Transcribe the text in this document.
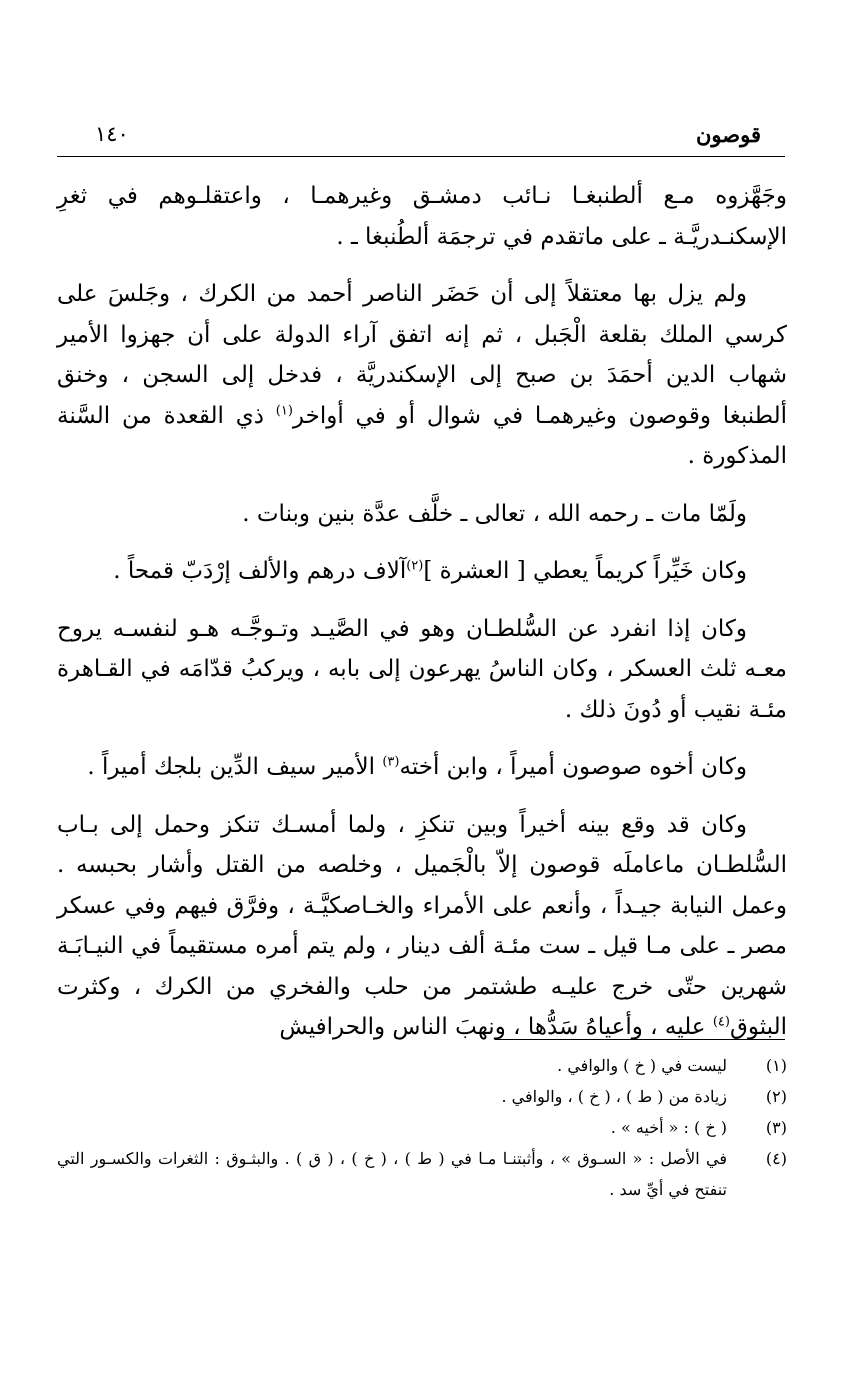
قوصون
١٤٠

وجَهَّزوه مـع ألطنبغـا نـائب دمشـق وغيرهمـا ، واعتقلـوهم في ثغرِ الإسكنـدريَّـة ـ على ماتقدم في ترجمَة ألطُنبغا ـ .

ولم يزل بها معتقلاً إلى أن حَضَر الناصر أحمد من الكرك ، وجَلسَ على كرسي الملك بقلعة الْجَبل ، ثم إنه اتفق آراء الدولة على أن جهزوا الأمير شهاب الدين أحمَدَ بن صبح إلى الإسكندريَّة ، فدخل إلى السجن ، وخنق ألطنبغا وقوصون وغيرهمـا في شوال أو في أواخر$^{(١)}$ ذي القعدة من السَّنة المذكورة .

ولَمّا مات ـ رحمه الله ، تعالى ـ خلَّف عدَّة بنين وبنات .

وكان خَيِّراً كريماً يعطي [ العشرة ]$^{(٢)}$آلاف درهم والألف إرْدَبّ قمحاً .

وكان إذا انفرد عن السُّلطـان وهو في الصَّيـد وتـوجَّـه هـو لنفسـه يروح معـه ثلث العسكر ، وكان الناسُ يهرعون إلى بابه ، ويركبُ قدّامَه في القـاهرة مئـة نقيب أو دُونَ ذلك .

وكان أخوه صوصون أميراً ، وابن أخته$^{(٣)}$ الأمير سيف الدِّين بلجك أميراً .

وكان قد وقع بينه أخيراً وبين تنكزِ ، ولما أمسـك تنكز وحمل إلى بـاب السُّلطـان ماعاملَه قوصون إلاّ بالْجَميل ، وخلصه من القتل وأشار بحبسه . وعمل النيابة جيـداً ، وأنعم على الأمراء والخـاصكيَّـة ، وفرَّق فيهم وفي عسكر مصر ـ على مـا قيل ـ ست مئـة ألف دينار ، ولم يتم أمره مستقيماً في النيـابَـة شهرين حتّى خرج عليـه طشتمر من حلب والفخري من الكرك ، وكثرت البثوق$^{(٤)}$ عليه ، وأعياهُ سَدُّها ، ونهبَ الناس والحرافيش

(١)
ليست في ( خ ) والوافي .
(٢)
زيادة من ( ط ) ، ( خ ) ، والوافي .
(٣)
( خ ) : « أخيه » .
(٤)
في الأصل : « السـوق » ، وأثبتنـا مـا في ( ط ) ، ( خ ) ، ( ق ) . والبثـوق : الثغرات والكسـور التي تنفتح في أيِّ سد .
